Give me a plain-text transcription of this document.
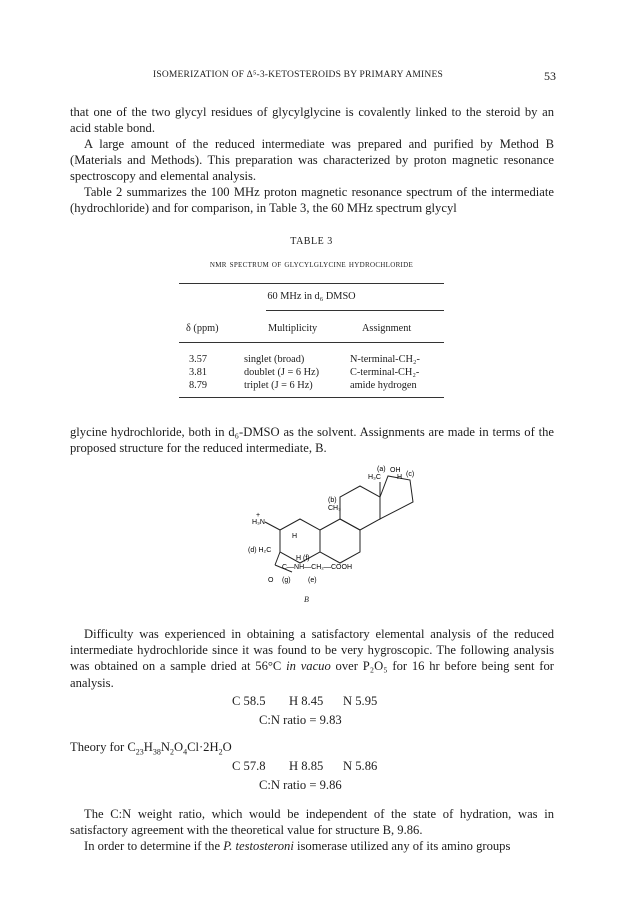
ISOMERIZATION OF Δ⁵-3-KETOSTEROIDS BY PRIMARY AMINES	53
that one of the two glycyl residues of glycylglycine is covalently linked to the steroid by an acid stable bond.
A large amount of the reduced intermediate was prepared and purified by Method B (Materials and Methods). This preparation was characterized by proton magnetic resonance spectroscopy and elemental analysis.
Table 2 summarizes the 100 MHz proton magnetic resonance spectrum of the intermediate (hydrochloride) and for comparison, in Table 3, the 60 MHz spectrum glycyl
TABLE 3
nmr spectrum of glycylglycine hydrochloride
60 MHz in d₆ DMSO
δ (ppm)	Multiplicity	Assignment
3.57	singlet (broad)	N-terminal-CH₂-
3.81	doublet (J = 6 Hz)	C-terminal-CH₂-
8.79	triplet (J = 6 Hz)	amide hydrogen
glycine hydrochloride, both in d₆-DMSO as the solvent. Assignments are made in terms of the proposed structure for the reduced intermediate, B.
(a)
H₃C
OH
H (c)
(b)
CH₃
H₃N
+
H
(d) H₂C
H (f)
C—NH—CH₂—COOH
O (g) (e)
B
Difficulty was experienced in obtaining a satisfactory elemental analysis of the reduced intermediate hydrochloride since it was found to be very hygroscopic. The following analysis was obtained on a sample dried at 56°C in vacuo over P₂O₅ for 16 hr before being sent for analysis.
C 58.5 H 8.45 N 5.95
C:N ratio = 9.83
Theory for $C_{23}H_{38}N_2O_4Cl\cdot 2H_2O$
C 57.8 H 8.85 N 5.86
C:N ratio = 9.86
The C:N weight ratio, which would be independent of the state of hydration, was in satisfactory agreement with the theoretical value for structure B, 9.86.
In order to determine if the P. testosteroni isomerase utilized any of its amino groups
